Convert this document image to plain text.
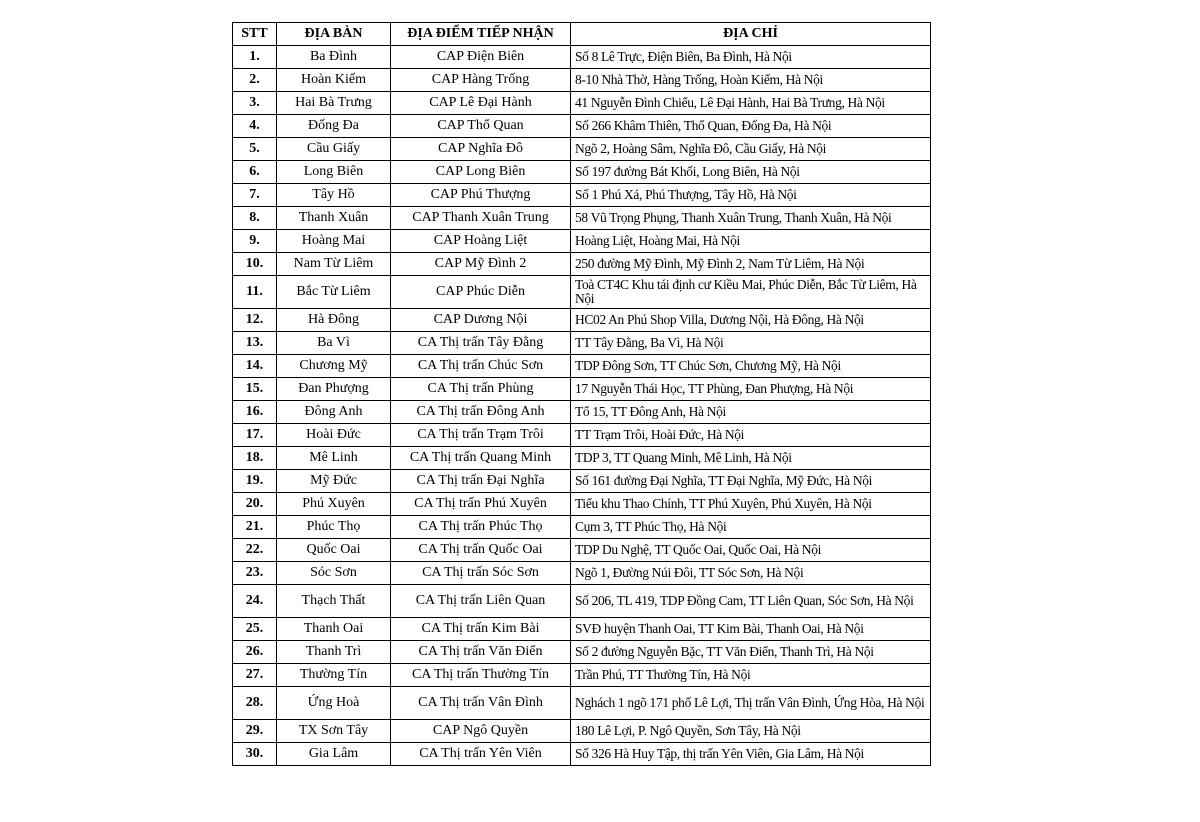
STT	ĐỊA BÀN	ĐỊA ĐIỂM TIẾP NHẬN	ĐỊA CHỈ
1.	Ba Đình	CAP Điện Biên	Số 8 Lê Trực, Điện Biên, Ba Đình, Hà Nội
2.	Hoàn Kiếm	CAP Hàng Trống	8-10 Nhà Thờ, Hàng Trống, Hoàn Kiếm, Hà Nội
3.	Hai Bà Trưng	CAP Lê Đại Hành	41 Nguyễn Đình Chiểu, Lê Đại Hành, Hai Bà Trưng, Hà Nội
4.	Đống Đa	CAP Thổ Quan	Số 266 Khâm Thiên, Thổ Quan, Đống Đa, Hà Nội
5.	Cầu Giấy	CAP Nghĩa Đô	Ngõ 2, Hoàng Sâm, Nghĩa Đô, Cầu Giấy, Hà Nội
6.	Long Biên	CAP Long Biên	Số 197 đường Bát Khối, Long Biên, Hà Nội
7.	Tây Hồ	CAP Phú Thượng	Số 1 Phú Xá, Phú Thượng, Tây Hồ, Hà Nội
8.	Thanh Xuân	CAP Thanh Xuân Trung	58 Vũ Trọng Phụng, Thanh Xuân Trung, Thanh Xuân, Hà Nội
9.	Hoàng Mai	CAP Hoàng Liệt	Hoàng Liệt, Hoàng Mai, Hà Nội
10.	Nam Từ Liêm	CAP Mỹ Đình 2	250 đường Mỹ Đình, Mỹ Đình 2, Nam Từ Liêm, Hà Nội
11.	Bắc Từ Liêm	CAP Phúc Diễn	Toà CT4C Khu tái định cư Kiều Mai, Phúc Diễn, Bắc Từ Liêm, Hà Nội
12.	Hà Đông	CAP Dương Nội	HC02 An Phú Shop Villa, Dương Nội, Hà Đông, Hà Nội
13.	Ba Vì	CA Thị trấn Tây Đằng	TT Tây Đằng, Ba Vì, Hà Nội
14.	Chương Mỹ	CA Thị trấn Chúc Sơn	TDP Đông Sơn, TT Chúc Sơn, Chương Mỹ, Hà Nội
15.	Đan Phượng	CA Thị trấn Phùng	17 Nguyễn Thái Học, TT Phùng, Đan Phượng, Hà Nội
16.	Đông Anh	CA Thị trấn Đông Anh	Tổ 15, TT Đông Anh, Hà Nội
17.	Hoài Đức	CA Thị trấn Trạm Trôi	TT Trạm Trôi, Hoài Đức, Hà Nội
18.	Mê Linh	CA Thị trấn Quang Minh	TDP 3, TT Quang Minh, Mê Linh, Hà Nội
19.	Mỹ Đức	CA Thị trấn Đại Nghĩa	Số 161 đường Đại Nghĩa, TT Đại Nghĩa, Mỹ Đức, Hà Nội
20.	Phú Xuyên	CA Thị trấn Phú Xuyên	Tiểu khu Thao Chính, TT Phú Xuyên, Phú Xuyên, Hà Nội
21.	Phúc Thọ	CA Thị trấn Phúc Thọ	Cụm 3, TT Phúc Thọ, Hà Nội
22.	Quốc Oai	CA Thị trấn Quốc Oai	TDP Du Nghệ, TT Quốc Oai, Quốc Oai, Hà Nội
23.	Sóc Sơn	CA Thị trấn Sóc Sơn	Ngõ 1, Đường Núi Đôi, TT Sóc Sơn, Hà Nội
24.	Thạch Thất	CA Thị trấn Liên Quan	Số 206, TL 419, TDP Đồng Cam, TT Liên Quan, Sóc Sơn, Hà Nội
25.	Thanh Oai	CA Thị trấn Kim Bài	SVĐ huyện Thanh Oai, TT Kim Bài, Thanh Oai, Hà Nội
26.	Thanh Trì	CA Thị trấn Văn Điển	Số 2 đường Nguyễn Bặc, TT Văn Điển, Thanh Trì, Hà Nội
27.	Thường Tín	CA Thị trấn Thường Tín	Trần Phú, TT Thường Tín, Hà Nội
28.	Ứng Hoà	CA Thị trấn Vân Đình	Nghách 1 ngõ 171 phố Lê Lợi, Thị trấn Vân Đình, Ứng Hòa, Hà Nội
29.	TX Sơn Tây	CAP Ngô Quyền	180 Lê Lợi, P. Ngô Quyền, Sơn Tây, Hà Nội
30.	Gia Lâm	CA Thị trấn Yên Viên	Số 326 Hà Huy Tập, thị trấn Yên Viên, Gia Lâm, Hà Nội
